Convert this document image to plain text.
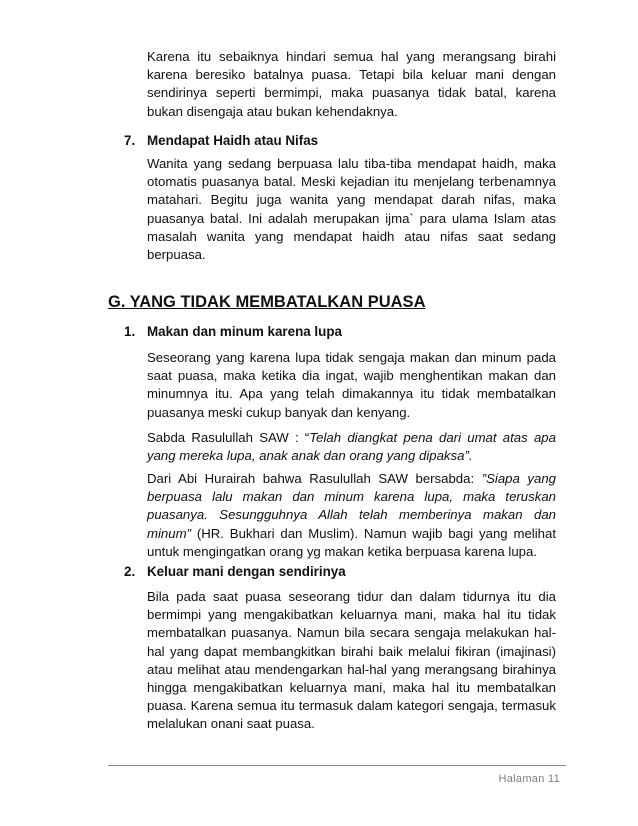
Karena itu sebaiknya hindari semua hal yang merangsang birahi karena beresiko batalnya puasa. Tetapi bila keluar mani dengan sendirinya seperti bermimpi, maka puasanya tidak batal, karena bukan disengaja atau bukan kehendaknya.

7. Mendapat Haidh atau Nifas

Wanita yang sedang berpuasa lalu tiba-tiba mendapat haidh, maka otomatis puasanya batal. Meski kejadian itu menjelang terbenamnya matahari. Begitu juga wanita yang mendapat darah nifas, maka puasanya batal. Ini adalah merupakan ijma` para ulama Islam atas masalah wanita yang mendapat haidh atau nifas saat sedang berpuasa.

G. YANG TIDAK MEMBATALKAN PUASA
1. Makan dan minum karena lupa

Seseorang yang karena lupa tidak sengaja makan dan minum pada saat puasa, maka ketika dia ingat, wajib menghentikan makan dan minumnya itu. Apa yang telah dimakannya itu tidak membatalkan puasanya meski cukup banyak dan kenyang.

Sabda Rasulullah SAW : “Telah diangkat pena dari umat atas apa yang mereka lupa, anak anak dan orang yang dipaksa”.

Dari Abi Hurairah bahwa Rasulullah SAW bersabda: ”Siapa yang berpuasa lalu makan dan minum karena lupa, maka teruskan puasanya. Sesungguhnya Allah telah memberinya makan dan minum” (HR. Bukhari dan Muslim). Namun wajib bagi yang melihat untuk mengingatkan orang yg makan ketika berpuasa karena lupa.

2. Keluar mani dengan sendirinya

Bila pada saat puasa seseorang tidur dan dalam tidurnya itu dia bermimpi yang mengakibatkan keluarnya mani, maka hal itu tidak membatalkan puasanya. Namun bila secara sengaja melakukan hal-hal yang dapat membangkitkan birahi baik melalui fikiran (imajinasi) atau melihat atau mendengarkan hal-hal yang merangsang birahinya hingga mengakibatkan keluarnya mani, maka hal itu membatalkan puasa. Karena semua itu termasuk dalam kategori sengaja, termasuk melalukan onani saat puasa.

Halaman 11
